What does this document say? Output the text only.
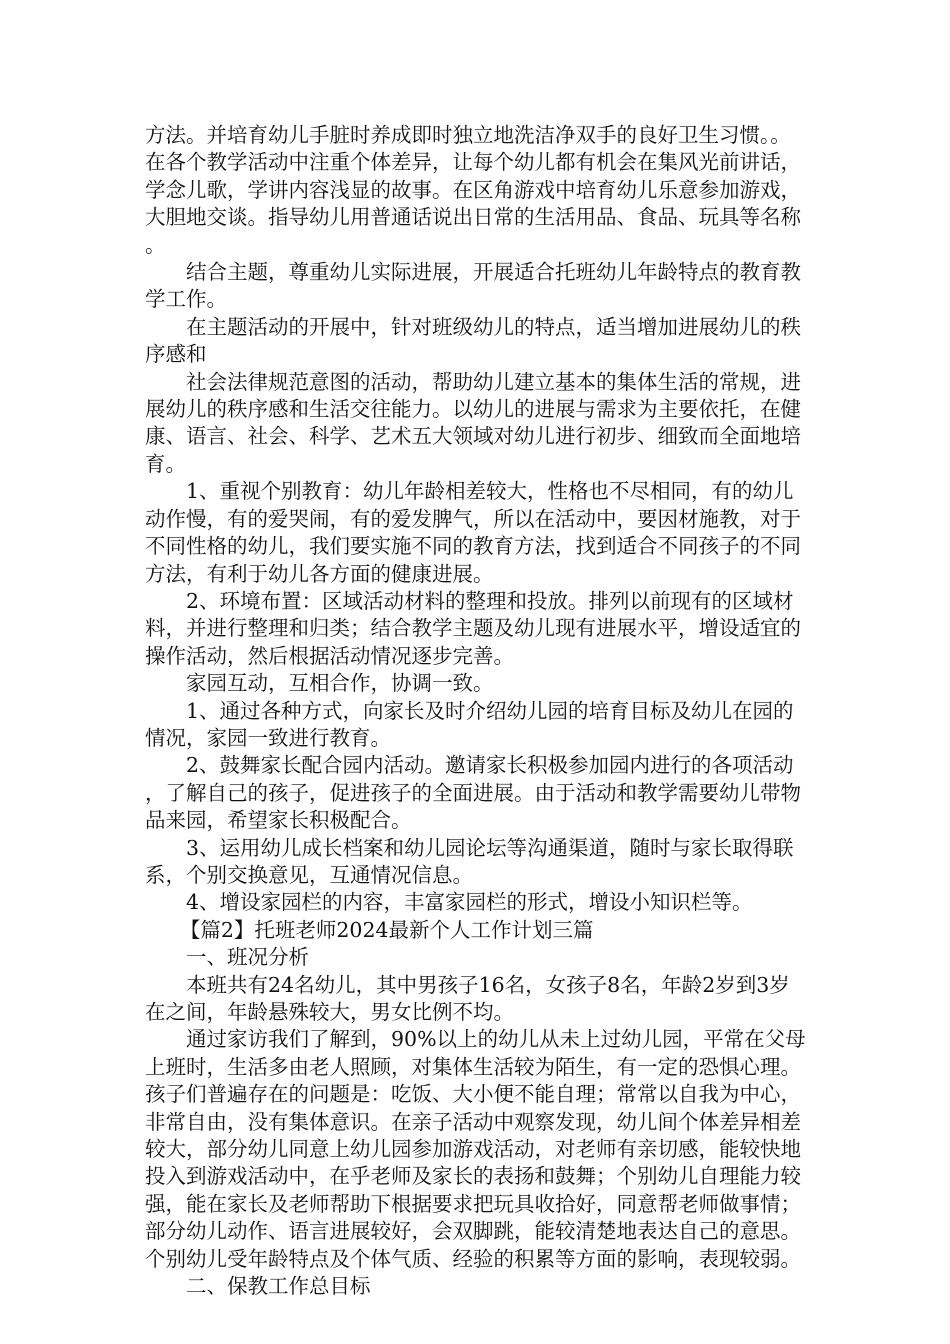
方法。并培育幼儿手脏时养成即时独立地洗洁净双手的良好卫生习惯。。在各个教学活动中注重个体差异，让每个幼儿都有机会在集风光前讲话，学念儿歌，学讲内容浅显的故事。在区角游戏中培育幼儿乐意参加游戏，大胆地交谈。指导幼儿用普通话说出日常的生活用品、食品、玩具等名称。

结合主题，尊重幼儿实际进展，开展适合托班幼儿年龄特点的教育教学工作。

在主题活动的开展中，针对班级幼儿的特点，适当增加进展幼儿的秩序感和

社会法律规范意图的活动，帮助幼儿建立基本的集体生活的常规，进展幼儿的秩序感和生活交往能力。以幼儿的进展与需求为主要依托，在健康、语言、社会、科学、艺术五大领域对幼儿进行初步、细致而全面地培育。

1、重视个别教育：幼儿年龄相差较大，性格也不尽相同，有的幼儿动作慢，有的爱哭闹，有的爱发脾气，所以在活动中，要因材施教，对于不同性格的幼儿，我们要实施不同的教育方法，找到适合不同孩子的不同方法，有利于幼儿各方面的健康进展。

2、环境布置：区域活动材料的整理和投放。排列以前现有的区域材料，并进行整理和归类；结合教学主题及幼儿现有进展水平，增设适宜的操作活动，然后根据活动情况逐步完善。

家园互动，互相合作，协调一致。

1、通过各种方式，向家长及时介绍幼儿园的培育目标及幼儿在园的情况，家园一致进行教育。

2、鼓舞家长配合园内活动。邀请家长积极参加园内进行的各项活动，了解自己的孩子，促进孩子的全面进展。由于活动和教学需要幼儿带物品来园，希望家长积极配合。

3、运用幼儿成长档案和幼儿园论坛等沟通渠道，随时与家长取得联系，个别交换意见，互通情况信息。

4、增设家园栏的内容，丰富家园栏的形式，增设小知识栏等。

【篇2】托班老师2024最新个人工作计划三篇

一、班况分析

本班共有24名幼儿，其中男孩子16名，女孩子8名，年龄2岁到3岁在之间，年龄悬殊较大，男女比例不均。

通过家访我们了解到，90%以上的幼儿从未上过幼儿园，平常在父母上班时，生活多由老人照顾，对集体生活较为陌生，有一定的恐惧心理。孩子们普遍存在的问题是：吃饭、大小便不能自理；常常以自我为中心，非常自由，没有集体意识。在亲子活动中观察发现，幼儿间个体差异相差较大，部分幼儿同意上幼儿园参加游戏活动，对老师有亲切感，能较快地投入到游戏活动中，在乎老师及家长的表扬和鼓舞；个别幼儿自理能力较强，能在家长及老师帮助下根据要求把玩具收拾好，同意帮老师做事情；部分幼儿动作、语言进展较好，会双脚跳，能较清楚地表达自己的意思。个别幼儿受年龄特点及个体气质、经验的积累等方面的影响，表现较弱。

二、保教工作总目标
